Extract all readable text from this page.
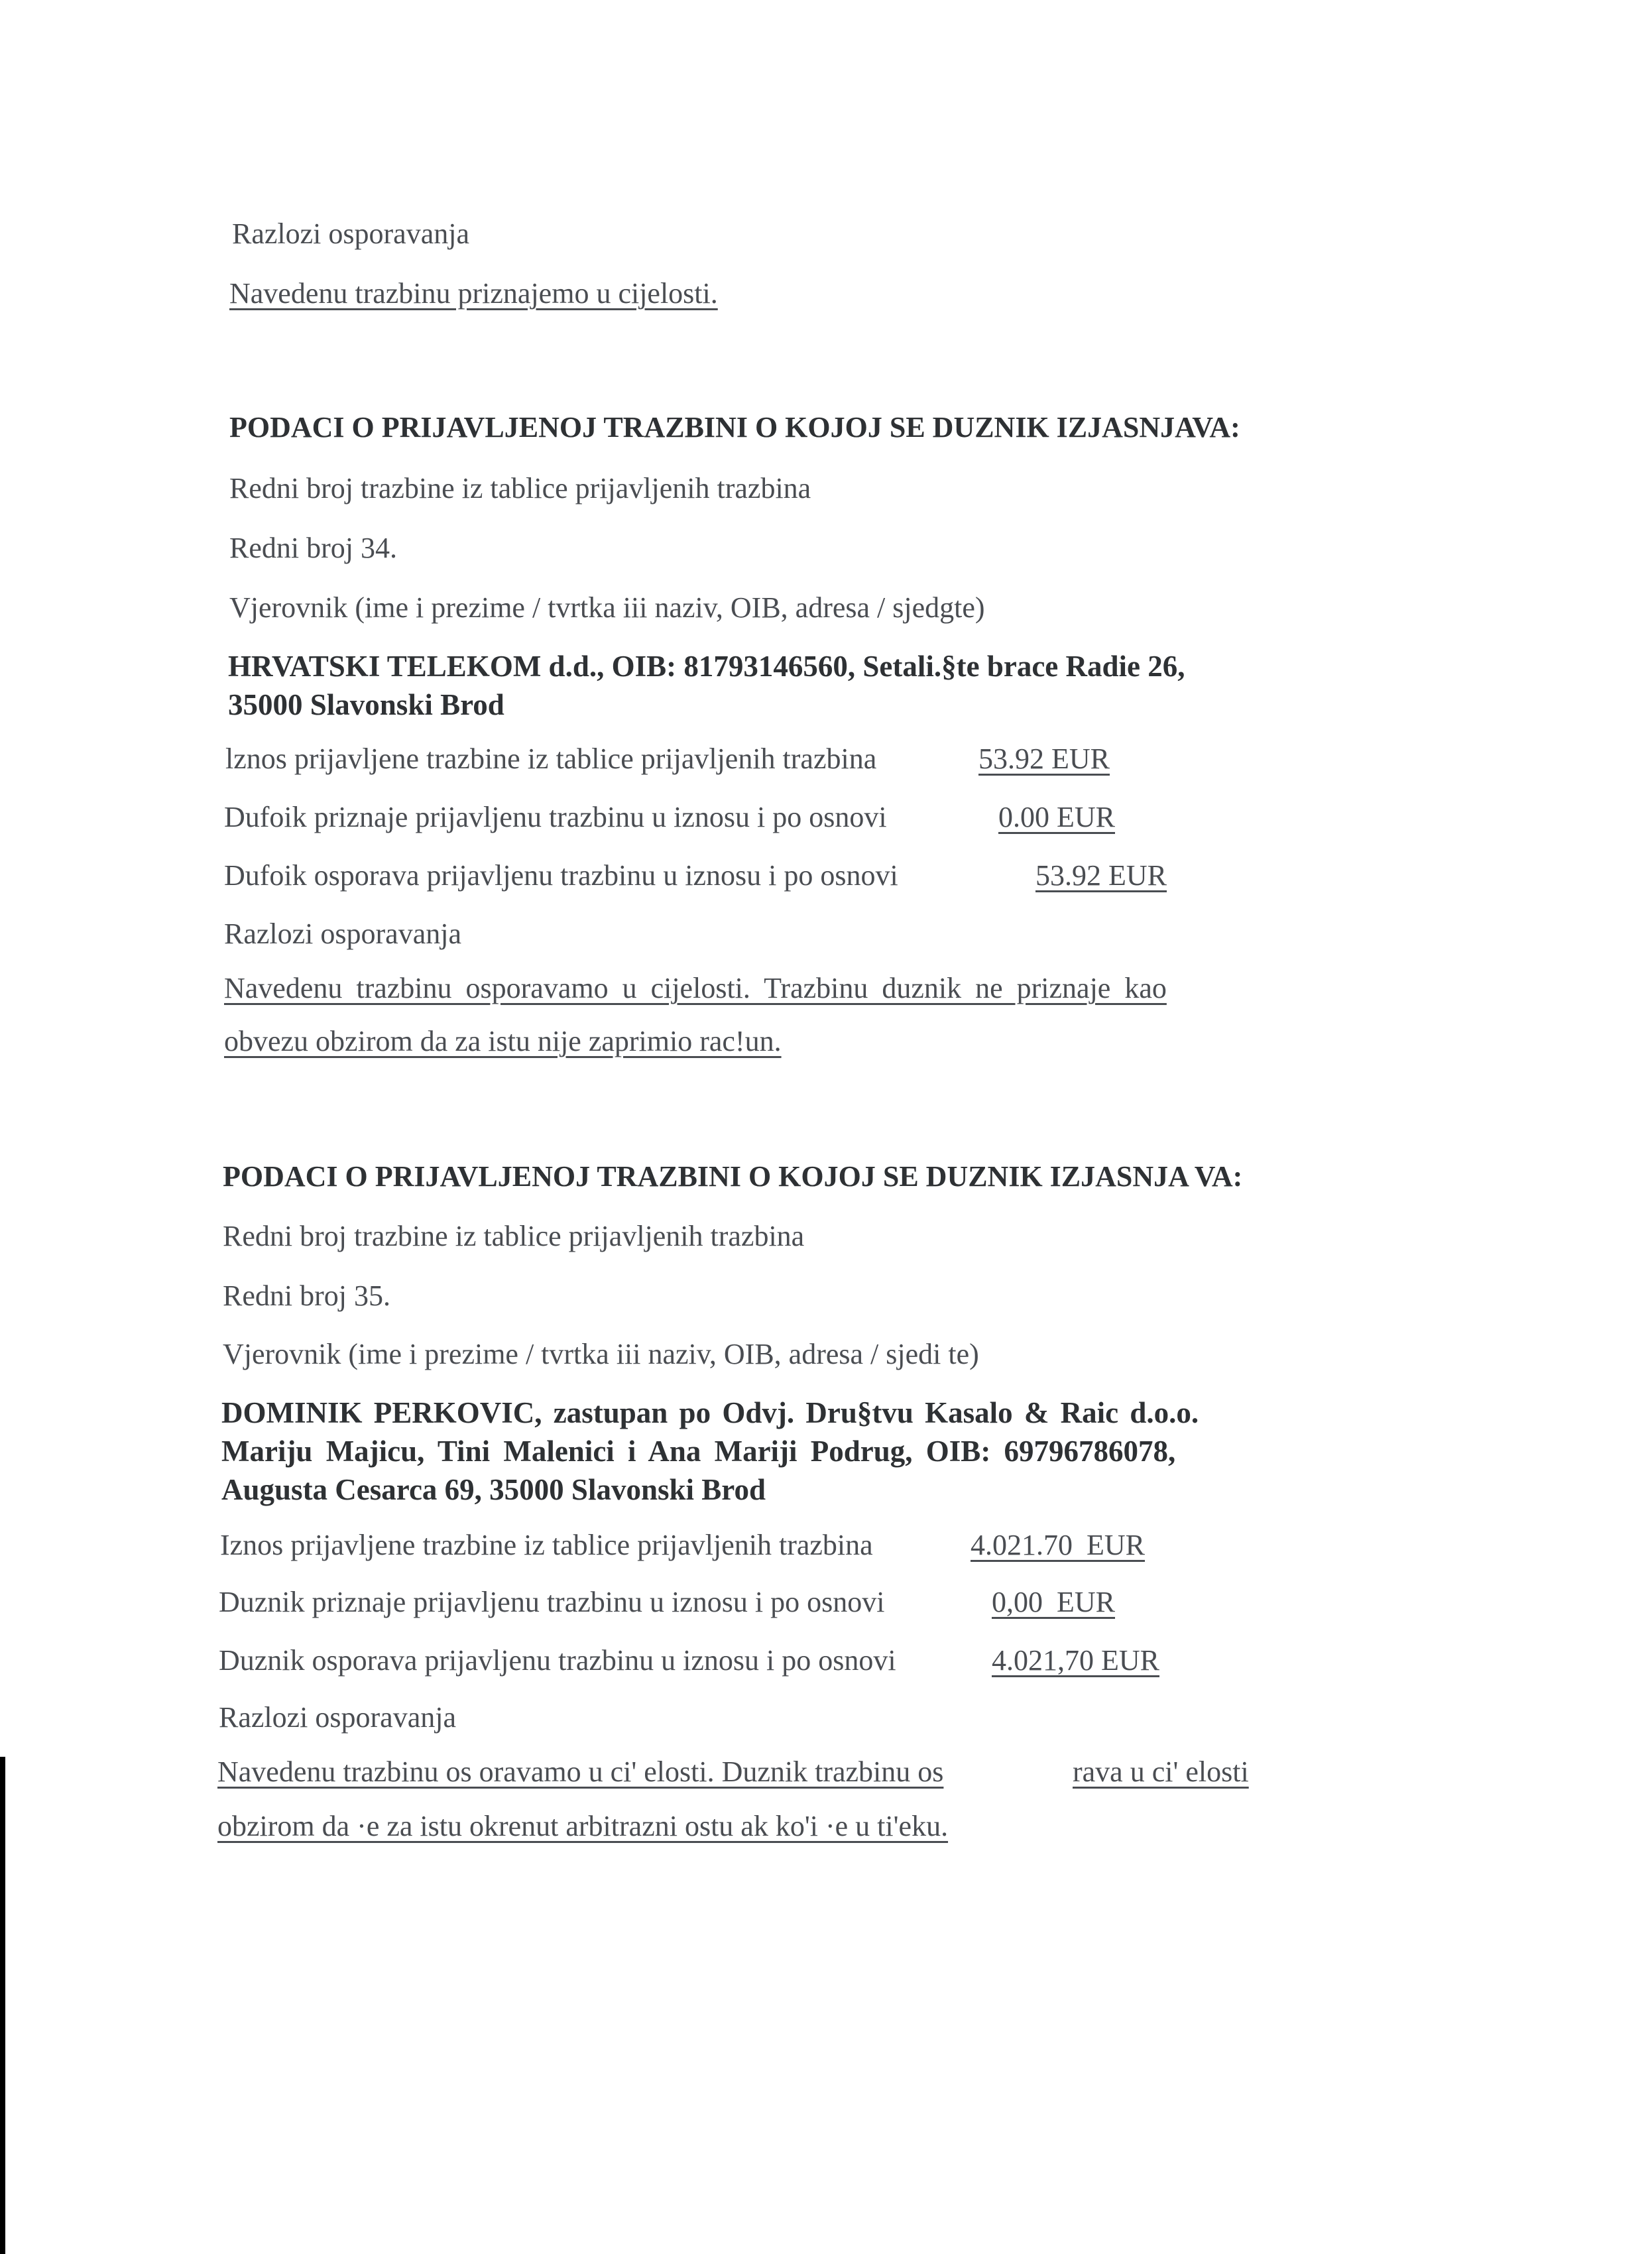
Razlozi osporavanja
Navedenu trazbinu priznajemo u cijelosti.
PODACI O PRIJAVLJENOJ TRAZBINI O KOJOJ SE DUZNIK IZJASNJAVA:
Redni broj trazbine iz tablice prijavljenih trazbina
Redni broj 34.
Vjerovnik (ime i prezime / tvrtka iii naziv, OIB, adresa / sjedgte)
HRVATSKI TELEKOM d.d., OIB: 81793146560, Setali.§te brace Radie 26,
35000 Slavonski Brod
lznos prijavljene trazbine iz tablice prijavljenih trazbina	53.92 EUR
Dufoik priznaje prijavljenu trazbinu u iznosu i po osnovi	0.00 EUR
Dufoik osporava prijavljenu trazbinu u iznosu i po osnovi	53.92 EUR
Razlozi osporavanja
Navedenu trazbinu osporavamo u cijelosti. Trazbinu duznik ne priznaje kao
obvezu obzirom da za istu nije zaprimio rac!un.
PODACI O PRIJAVLJENOJ TRAZBINI O KOJOJ SE DUZNIK IZJASNJA VA:
Redni broj trazbine iz tablice prijavljenih trazbina
Redni broj 35.
Vjerovnik (ime i prezime / tvrtka iii naziv, OIB, adresa / sjedi te)
DOMINIK PERKOVIC, zastupan po Odvj. Dru§tvu Kasalo & Raic d.o.o.
Mariju Majicu, Tini Malenici i Ana Mariji Podrug, OIB: 69796786078,
Augusta Cesarca 69, 35000 Slavonski Brod
Iznos prijavljene trazbine iz tablice prijavljenih trazbina	4.021.70 EUR
Duznik priznaje prijavljenu trazbinu u iznosu i po osnovi	0,00 EUR
Duznik osporava prijavljenu trazbinu u iznosu i po osnovi	4.021,70 EUR
Razlozi osporavanja
Navedenu trazbinu os oravamo u ci' elosti. Duznik trazbinu os	rava u ci' elosti
obzirom da ·e za istu okrenut arbitrazni ostu ak ko'i ·e u ti'eku.
